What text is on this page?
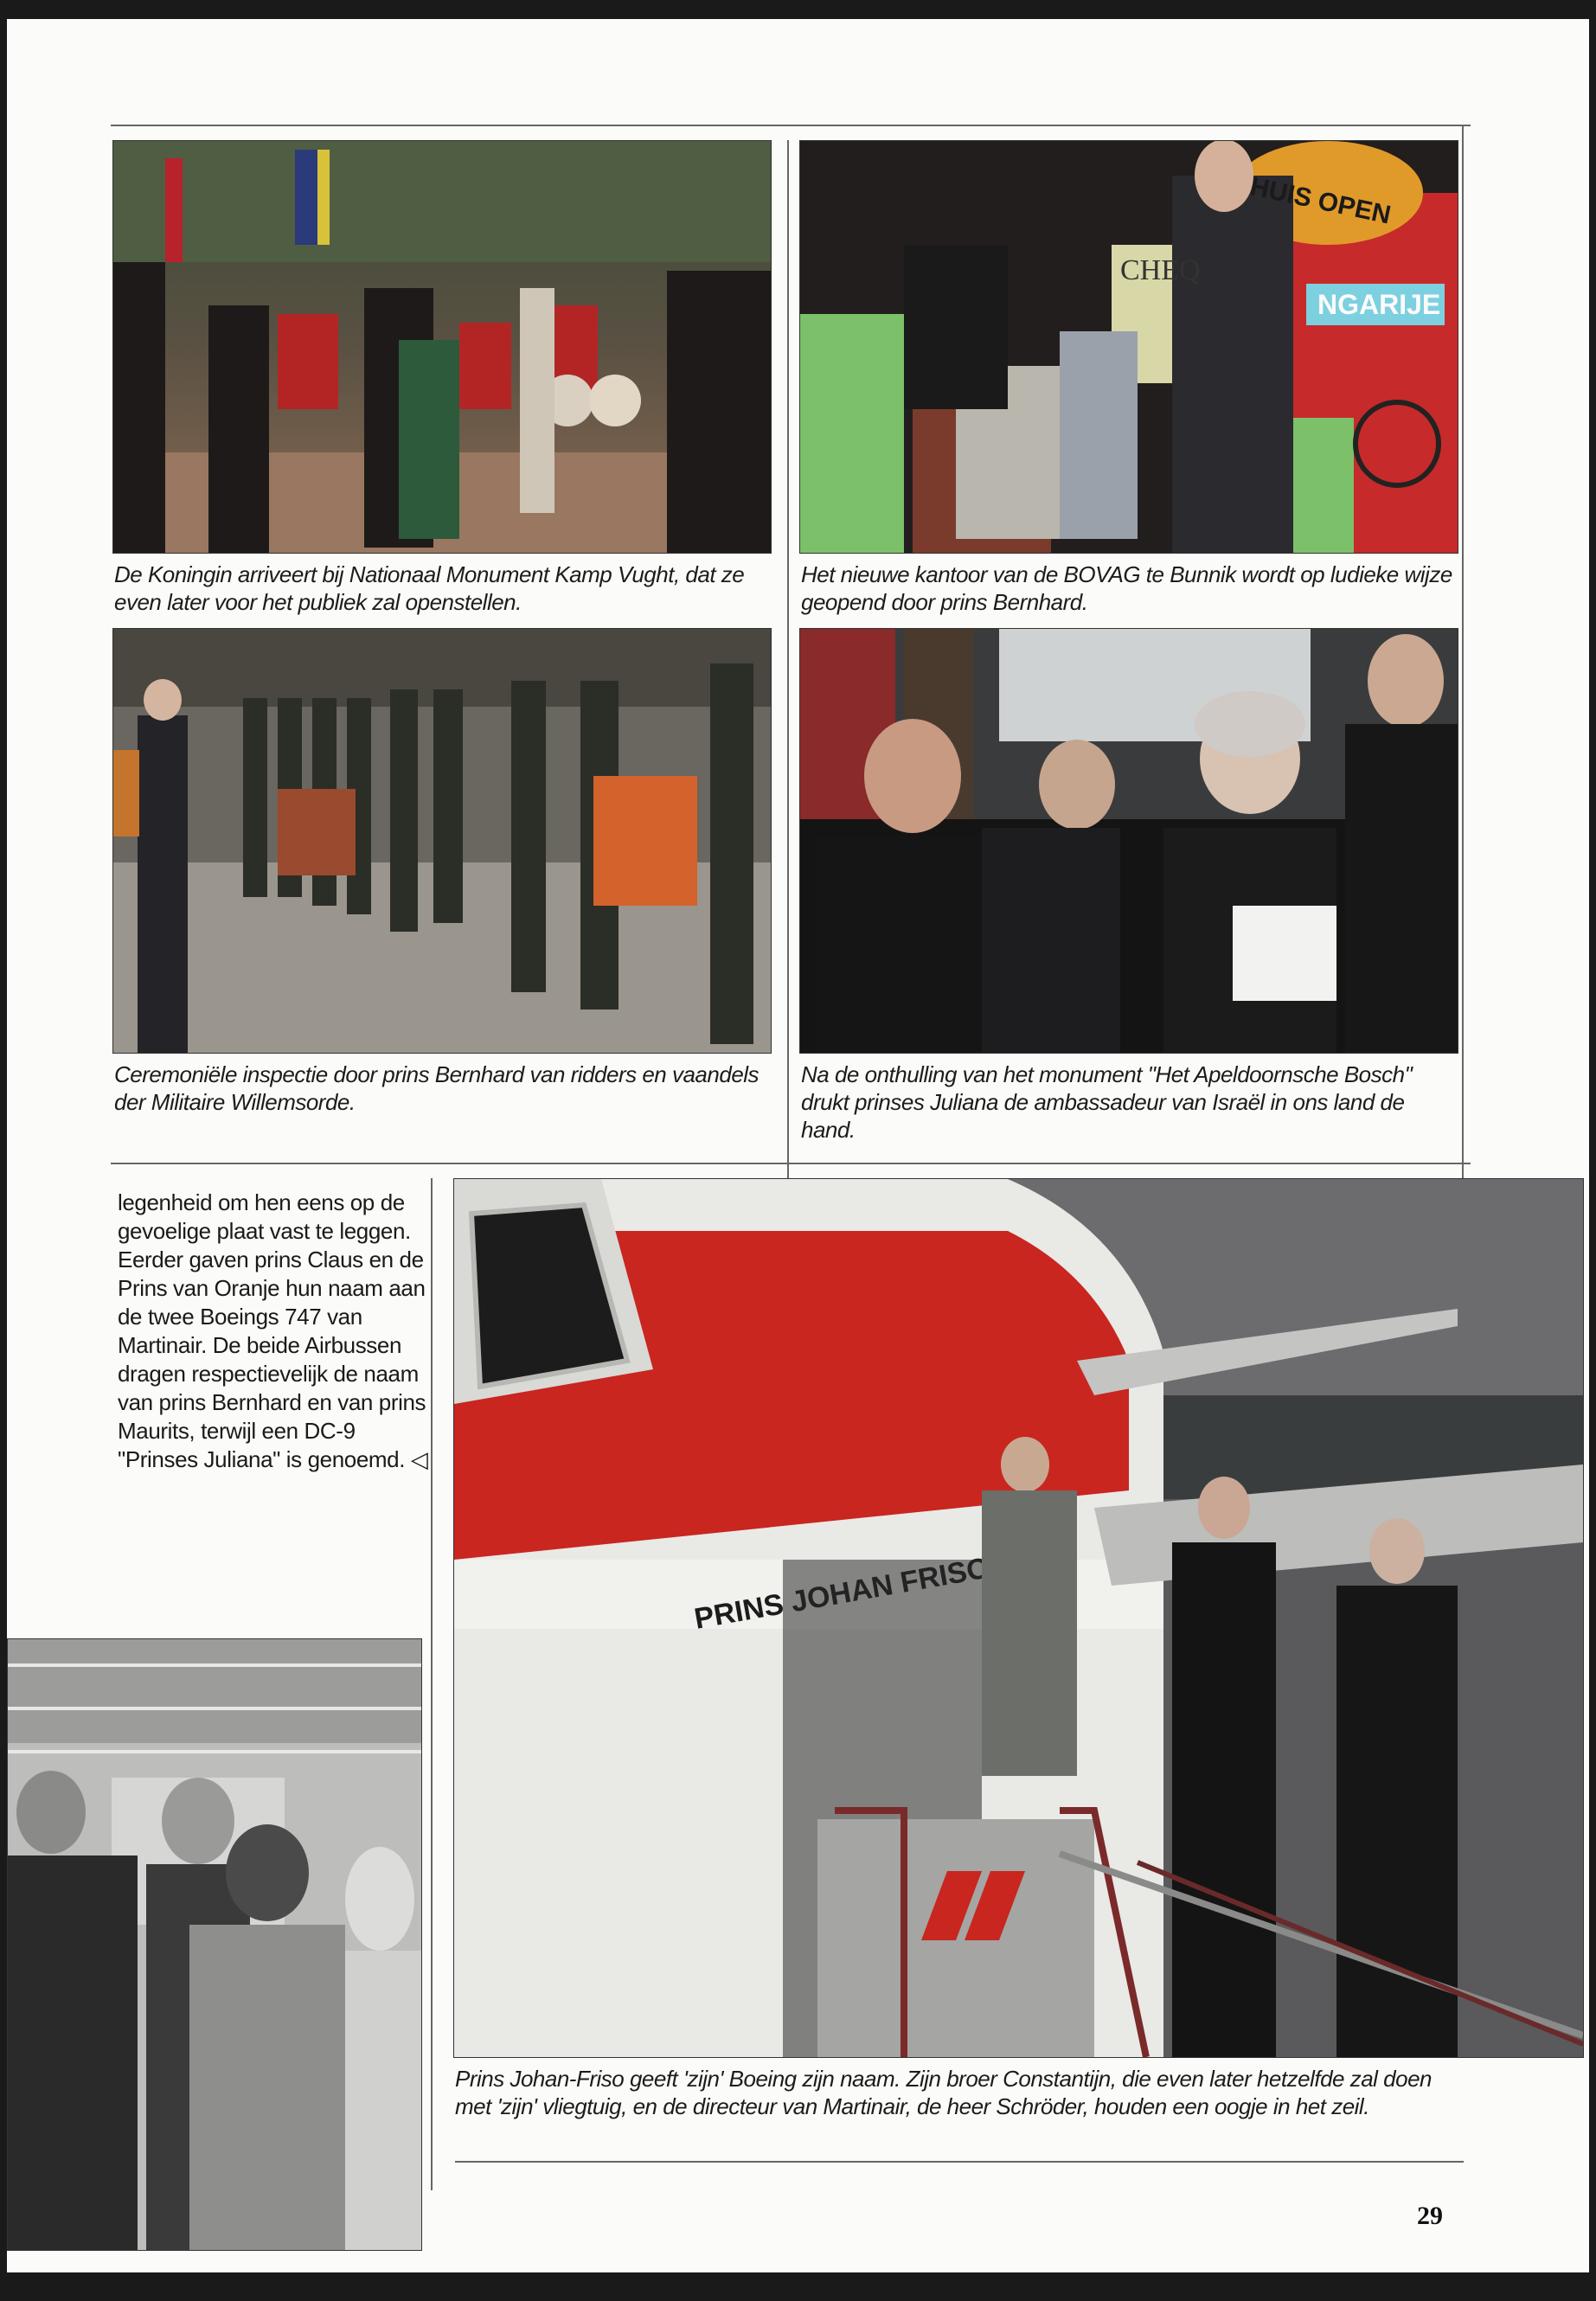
De Koningin arriveert bij Nationaal Monument Kamp Vught, dat ze even later voor het publiek zal openstellen.
HUIS OPEN
NGARIJE
CHEQ
Het nieuwe kantoor van de BOVAG te Bunnik wordt op ludieke wijze geopend door prins Bernhard.
Ceremoniële inspectie door prins Bernhard van ridders en vaandels der Militaire Willemsorde.
Na de onthulling van het monument "Het Apeldoornsche Bosch" drukt prinses Juliana de ambassadeur van Israël in ons land de hand.
legenheid om hen eens op de gevoelige plaat vast te leggen. Eerder gaven prins Claus en de Prins van Oranje hun naam aan de twee Boeings 747 van Martinair. De beide Airbussen dragen respectievelijk de naam van prins Bernhard en van prins Maurits, terwijl een DC-9 "Prinses Juliana" is genoemd. ◁
PRINS
Prins Johan-Friso geeft 'zijn' Boeing zijn naam. Zijn broer Constantijn, die even later hetzelfde zal doen met 'zijn' vliegtuig, en de directeur van Martinair, de heer Schröder, houden een oogje in het zeil.
29
